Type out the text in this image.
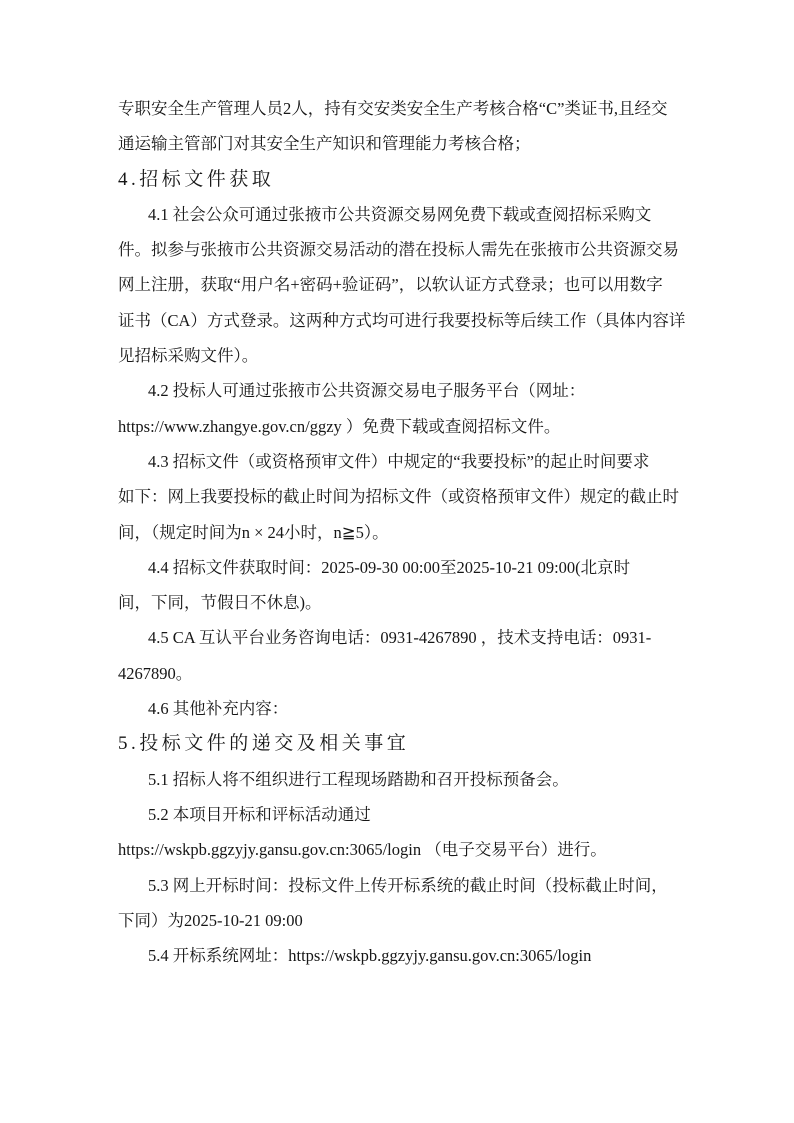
专职安全生产管理人员2人，持有交安类安全生产考核合格“C”类证书,且经交
通运输主管部门对其安全生产知识和管理能力考核合格；
4.招标文件获取
4.1 社会公众可通过张掖市公共资源交易网免费下载或查阅招标采购文
件。拟参与张掖市公共资源交易活动的潜在投标人需先在张掖市公共资源交易
网上注册，获取“用户名+密码+验证码”，以软认证方式登录；也可以用数字
证书（CA）方式登录。这两种方式均可进行我要投标等后续工作（具体内容详
见招标采购文件）。
4.2 投标人可通过张掖市公共资源交易电子服务平台（网址：
https://www.zhangye.gov.cn/ggzy ）免费下载或查阅招标文件。
4.3 招标文件（或资格预审文件）中规定的“我要投标”的起止时间要求
如下：网上我要投标的截止时间为招标文件（或资格预审文件）规定的截止时
间，（规定时间为n × 24小时，n≧5）。
4.4 招标文件获取时间：2025-09-30 00:00至2025-10-21 09:00(北京时
间，下同，节假日不休息)。
4.5 CA 互认平台业务咨询电话：0931-4267890 ，技术支持电话：0931-
4267890。
4.6 其他补充内容：
5.投标文件的递交及相关事宜
5.1 招标人将不组织进行工程现场踏勘和召开投标预备会。
5.2 本项目开标和评标活动通过
https://wskpb.ggzyjy.gansu.gov.cn:3065/login （电子交易平台）进行。
5.3 网上开标时间：投标文件上传开标系统的截止时间（投标截止时间，
下同）为2025-10-21 09:00
5.4 开标系统网址：https://wskpb.ggzyjy.gansu.gov.cn:3065/login
